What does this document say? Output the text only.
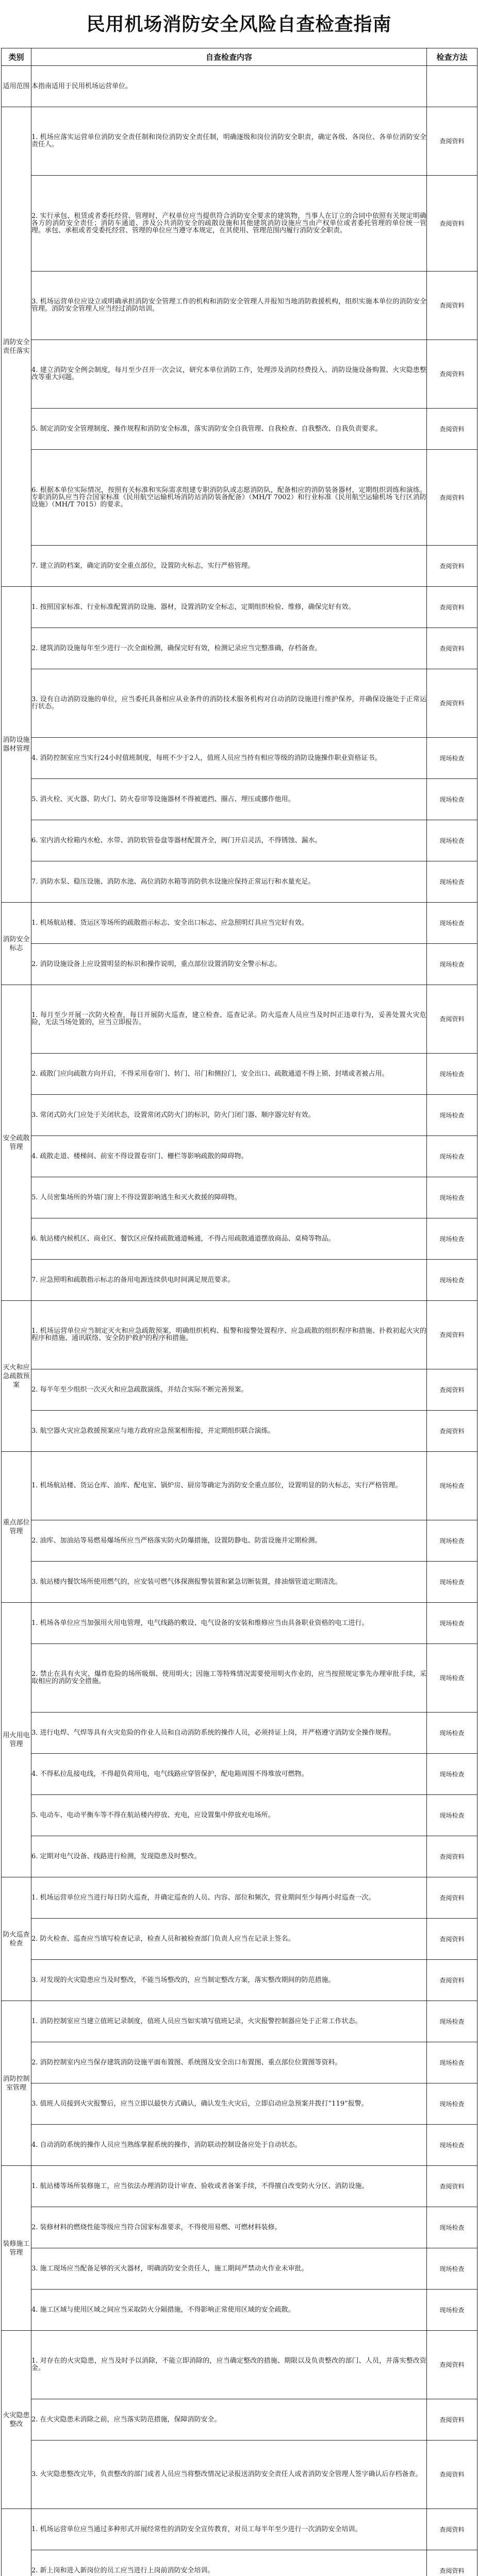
民用机场消防安全风险自查检查指南
类别	自查检查内容	检查方法
适用范围	本指南适用于民用机场运营单位。	
消防安全责任落实	1. 机场应落实运营单位消防安全责任制和岗位消防安全责任制，明确逐级和岗位消防安全职责，确定各级、各岗位、各单位消防安全责任人。	查阅资料
	2. 实行承包、租赁或者委托经营、管理时，产权单位应当提供符合消防安全要求的建筑物，当事人在订立的合同中依照有关规定明确各方的消防安全责任；消防车通道、涉及公共消防安全的疏散设施和其他建筑消防设施应当由产权单位或者委托管理的单位统一管理。承包、承租或者受委托经营、管理的单位应当遵守本规定，在其使用、管理范围内履行消防安全职责。	查阅资料
	3. 机场运营单位应设立或明确承担消防安全管理工作的机构和消防安全管理人并报知当地消防救援机构，组织实施本单位的消防安全管理。消防安全管理人应当经过消防培训。	查阅资料
	4. 建立消防安全例会制度，每月至少召开一次会议，研究本单位消防工作，处理涉及消防经费投入、消防设施设备购置、火灾隐患整改等重大问题。	查阅资料
	5. 制定消防安全管理制度、操作规程和消防安全标准，落实消防安全自我管理、自我检查、自我整改、自我负责要求。	查阅资料
	6. 根据本单位实际情况，按照有关标准和实际需求组建专职消防队或志愿消防队，配备相应的消防装备器材，定期组织训练和演练。专职消防队应当符合国家标准《民用航空运输机场消防站消防装备配备》（MH/T 7002）和行业标准《民用航空运输机场飞行区消防设施》（MH/T 7015）的要求。	查阅资料
	7. 建立消防档案，确定消防安全重点部位，设置防火标志，实行严格管理。	查阅资料
消防设施器材管理	1. 按照国家标准、行业标准配置消防设施、器材，设置消防安全标志，定期组织检验、维修，确保完好有效。	查阅资料
	2. 建筑消防设施每年至少进行一次全面检测，确保完好有效，检测记录应当完整准确，存档备查。	查阅资料
	3. 设有自动消防设施的单位，应当委托具备相应从业条件的消防技术服务机构对自动消防设施进行维护保养，并确保设施处于正常运行状态。	查阅资料
	4. 消防控制室应当实行24小时值班制度，每班不少于2人，值班人员应当持有相应等级的消防设施操作职业资格证书。	现场检查
	5. 消火栓、灭火器、防火门、防火卷帘等设施器材不得被遮挡、圈占、埋压或挪作他用。	现场检查
	6. 室内消火栓箱内水枪、水带、消防软管卷盘等器材配置齐全，阀门开启灵活，不得锈蚀、漏水。	现场检查
	7. 消防水泵、稳压设施、消防水池、高位消防水箱等消防供水设施应保持正常运行和水量充足。	现场检查
消防安全标志	1. 机场航站楼、货运区等场所的疏散指示标志、安全出口标志、应急照明灯具应当完好有效。	现场检查
	2. 消防设施设备上应设置明显的标识和操作说明，重点部位设置消防安全警示标志。	现场检查
安全疏散管理	1. 每月至少开展一次防火检查，每日开展防火巡查，建立检查、巡查记录。防火巡查人员应当及时纠正违章行为，妥善处置火灾危险，无法当场处置的，应当立即报告。	查阅资料
	2. 疏散门应向疏散方向开启，不得采用卷帘门、转门、吊门和侧拉门，安全出口、疏散通道不得上锁、封堵或者被占用。	现场检查
	3. 常闭式防火门应处于关闭状态，设置常闭式防火门的标识，防火门闭门器、顺序器完好有效。	现场检查
	4. 疏散走道、楼梯间、前室不得设置卷帘门、栅栏等影响疏散的障碍物。	现场检查
	5. 人员密集场所的外墙门窗上不得设置影响逃生和灭火救援的障碍物。	现场检查
	6. 航站楼内候机区、商业区、餐饮区应保持疏散通道畅通，不得占用疏散通道摆放商品、桌椅等物品。	现场检查
	7. 应急照明和疏散指示标志的备用电源连续供电时间满足规范要求。	现场检查
灭火和应急疏散预案	1. 机场运营单位应当制定灭火和应急疏散预案，明确组织机构、报警和接警处置程序、应急疏散的组织程序和措施、扑救初起火灾的程序和措施、通讯联络、安全防护救护的程序和措施。	查阅资料
	2. 每半年至少组织一次灭火和应急疏散演练，并结合实际不断完善预案。	查阅资料
	3. 航空器火灾应急救援预案应与地方政府应急预案相衔接，并定期组织联合演练。	查阅资料
重点部位管理	1. 机场航站楼、货运仓库、油库、配电室、锅炉房、厨房等确定为消防安全重点部位，设置明显的防火标志，实行严格管理。	现场检查
	2. 油库、加油站等易燃易爆场所应当严格落实防火防爆措施，设置防静电、防雷设施并定期检测。	现场检查
	3. 航站楼内餐饮场所使用燃气的，应安装可燃气体探测报警装置和紧急切断装置，排油烟管道定期清洗。	现场检查
用火用电管理	1. 机场各单位应当加强用火用电管理，电气线路的敷设、电气设备的安装和维修应当由具备职业资格的电工进行。	现场检查
	2. 禁止在具有火灾、爆炸危险的场所吸烟、使用明火；因施工等特殊情况需要使用明火作业的，应当按照规定事先办理审批手续，采取相应的消防安全措施。	现场检查
	3. 进行电焊、气焊等具有火灾危险的作业人员和自动消防系统的操作人员，必须持证上岗，并严格遵守消防安全操作规程。	现场检查
	4. 不得私拉乱接电线，不得超负荷用电，电气线路应穿管保护，配电箱周围不得堆放可燃物。	现场检查
	5. 电动车、电动平衡车等不得在航站楼内停放、充电，应设置集中停放充电场所。	现场检查
	6. 定期对电气设备、线路进行检测，发现隐患及时整改。	查阅资料
防火巡查检查	1. 机场运营单位应当进行每日防火巡查，并确定巡查的人员、内容、部位和频次，营业期间至少每两小时巡查一次。	查阅资料
	2. 防火检查、巡查应当填写检查记录，检查人员和被检查部门负责人应当在记录上签名。	查阅资料
	3. 对发现的火灾隐患应当及时整改，不能当场整改的，应当制定整改方案，落实整改期间的防范措施。	查阅资料
消防控制室管理	1. 消防控制室应当建立值班记录制度，值班人员应当如实填写值班记录，火灾报警控制器应处于正常工作状态。	现场检查
	2. 消防控制室内应当保存建筑消防设施平面布置图、系统图及安全出口布置图、重点部位位置图等资料。	现场检查
	3. 值班人员接到火灾报警后，应当立即以最快方式确认，确认发生火灾后，立即启动应急预案并拨打“119”报警。	现场检查
	4. 自动消防系统的操作人员应当熟练掌握系统的操作，消防联动控制设备应处于自动状态。	现场检查
装修施工管理	1. 航站楼等场所装修施工，应当依法办理消防设计审查、验收或者备案手续，不得擅自改变防火分区、消防设施。	查阅资料
	2. 装修材料的燃烧性能等级应当符合国家标准要求，不得使用易燃、可燃材料装修。	现场检查
	3. 施工现场应当配备足够的灭火器材，明确消防安全责任人，施工期间严禁动火作业未审批。	现场检查
	4. 施工区域与使用区域之间应当采取防火分隔措施，不得影响正常使用区域的安全疏散。	现场检查
火灾隐患整改	1. 对存在的火灾隐患，应当及时予以消除，不能立即消除的，应当确定整改的措施、期限以及负责整改的部门、人员，并落实整改资金。	查阅资料
	2. 在火灾隐患未消除之前，应当落实防范措施，保障消防安全。	查阅资料
	3. 火灾隐患整改完毕，负责整改的部门或者人员应当将整改情况记录报送消防安全责任人或者消防安全管理人签字确认后存档备查。	查阅资料
	1. 机场运营单位应当通过多种形式开展经常性的消防安全宣传教育，对员工每半年至少进行一次消防安全培训。	查阅资料
	2. 新上岗和进入新岗位的员工应当进行上岗前消防安全培训。	查阅资料
